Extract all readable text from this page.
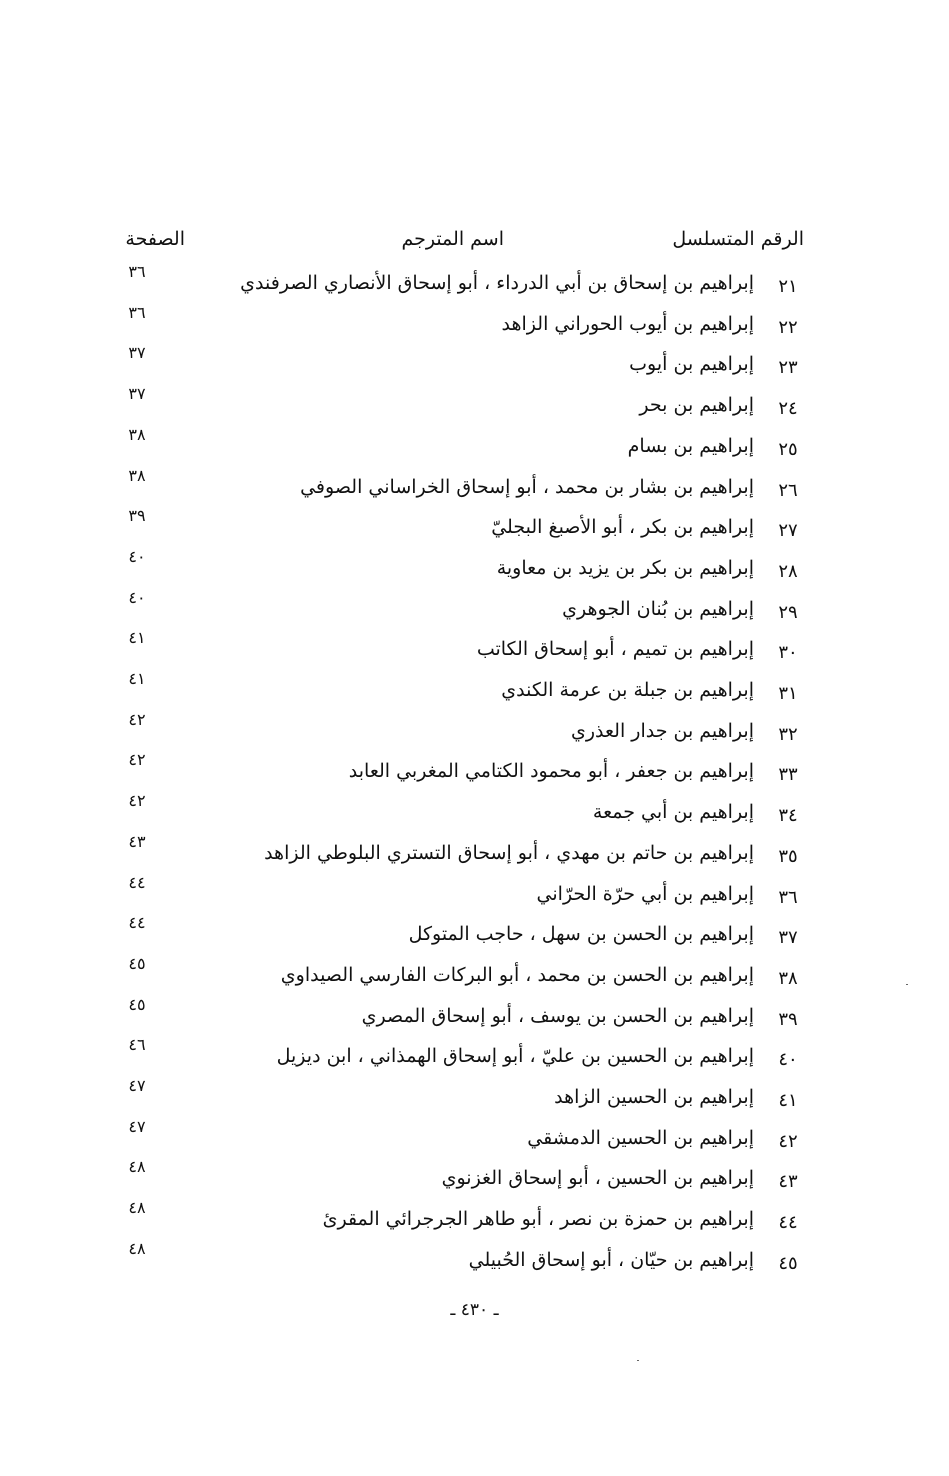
الرقم المتسلسل
اسم المترجم
الصفحة
٢١
إبراهيم بن إسحاق بن أبي الدرداء ، أبو إسحاق الأنصاري الصرفندي
٣٦
٢٢
إبراهيم بن أيوب الحوراني الزاهد
٣٦
٢٣
إبراهيم بن أيوب
٣٧
٢٤
إبراهيم بن بحر
٣٧
٢٥
إبراهيم بن بسام
٣٨
٢٦
إبراهيم بن بشار بن محمد ، أبو إسحاق الخراساني الصوفي
٣٨
٢٧
إبراهيم بن بكر ، أبو الأصبغ البجليّ
٣٩
٢٨
إبراهيم بن بكر بن يزيد بن معاوية
٤٠
٢٩
إبراهيم بن بُنان الجوهري
٤٠
٣٠
إبراهيم بن تميم ، أبو إسحاق الكاتب
٤١
٣١
إبراهيم بن جبلة بن عرمة الكندي
٤١
٣٢
إبراهيم بن جدار العذري
٤٢
٣٣
إبراهيم بن جعفر ، أبو محمود الكتامي المغربي العابد
٤٢
٣٤
إبراهيم بن أبي جمعة
٤٢
٣٥
إبراهيم بن حاتم بن مهدي ، أبو إسحاق التستري البلوطي الزاهد
٤٣
٣٦
إبراهيم بن أبي حرّة الحرّاني
٤٤
٣٧
إبراهيم بن الحسن بن سهل ، حاجب المتوكل
٤٤
٣٨
إبراهيم بن الحسن بن محمد ، أبو البركات الفارسي الصيداوي
٤٥
٣٩
إبراهيم بن الحسن بن يوسف ، أبو إسحاق المصري
٤٥
٤٠
إبراهيم بن الحسين بن عليّ ، أبو إسحاق الهمذاني ، ابن ديزيل
٤٦
٤١
إبراهيم بن الحسين الزاهد
٤٧
٤٢
إبراهيم بن الحسين الدمشقي
٤٧
٤٣
إبراهيم بن الحسين ، أبو إسحاق الغزنوي
٤٨
٤٤
إبراهيم بن حمزة بن نصر ، أبو طاهر الجرجرائي المقرئ
٤٨
٤٥
إبراهيم بن حيّان ، أبو إسحاق الحُبيلي
٤٨
ـ ٤٣٠ ـ
